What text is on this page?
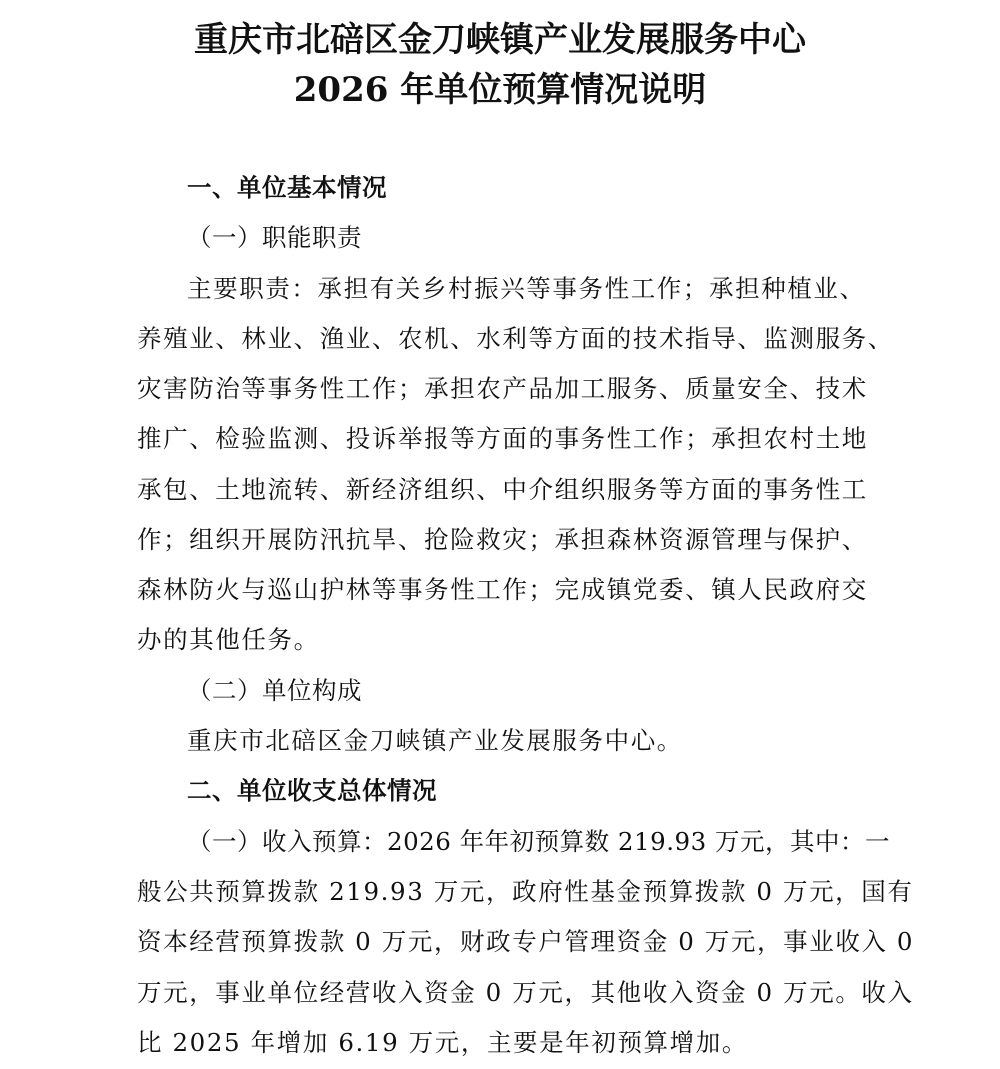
重庆市北碚区金刀峡镇产业发展服务中心
2026 年单位预算情况说明
一、单位基本情况
（一）职能职责
主要职责：承担有关乡村振兴等事务性工作；承担种植业、
养殖业、林业、渔业、农机、水利等方面的技术指导、监测服务、
灾害防治等事务性工作；承担农产品加工服务、质量安全、技术
推广、检验监测、投诉举报等方面的事务性工作；承担农村土地
承包、土地流转、新经济组织、中介组织服务等方面的事务性工
作；组织开展防汛抗旱、抢险救灾；承担森林资源管理与保护、
森林防火与巡山护林等事务性工作；完成镇党委、镇人民政府交
办的其他任务。
（二）单位构成
重庆市北碚区金刀峡镇产业发展服务中心。
二、单位收支总体情况
（一）收入预算：2026 年年初预算数 219.93 万元，其中：一
般公共预算拨款 219.93 万元，政府性基金预算拨款 0 万元，国有
资本经营预算拨款 0 万元，财政专户管理资金 0 万元，事业收入 0
万元，事业单位经营收入资金 0 万元，其他收入资金 0 万元。收入
比 2025 年增加 6.19 万元，主要是年初预算增加。
